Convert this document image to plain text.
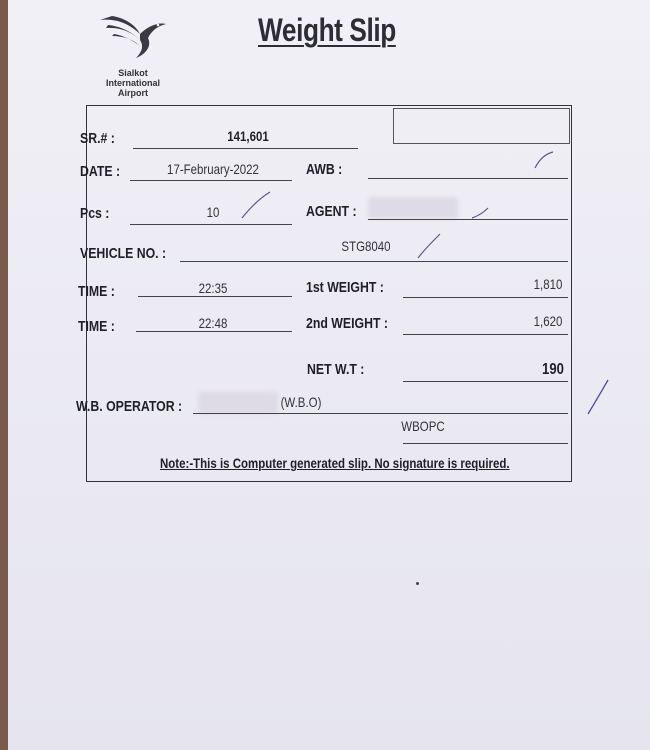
Sialkot
International
Airport
Weight Slip
SR.# :	141,601
DATE :	17-February-2022	AWB :
Pcs :	10	AGENT :
VEHICLE NO. :	STG8040
TIME :	22:35	1st WEIGHT :	1,810
TIME :	22:48	2nd WEIGHT :	1,620
NET W.T :	190
W.B. OPERATOR :	(W.B.O)
WBOPC
Note:-This is Computer generated slip. No signature is required.
